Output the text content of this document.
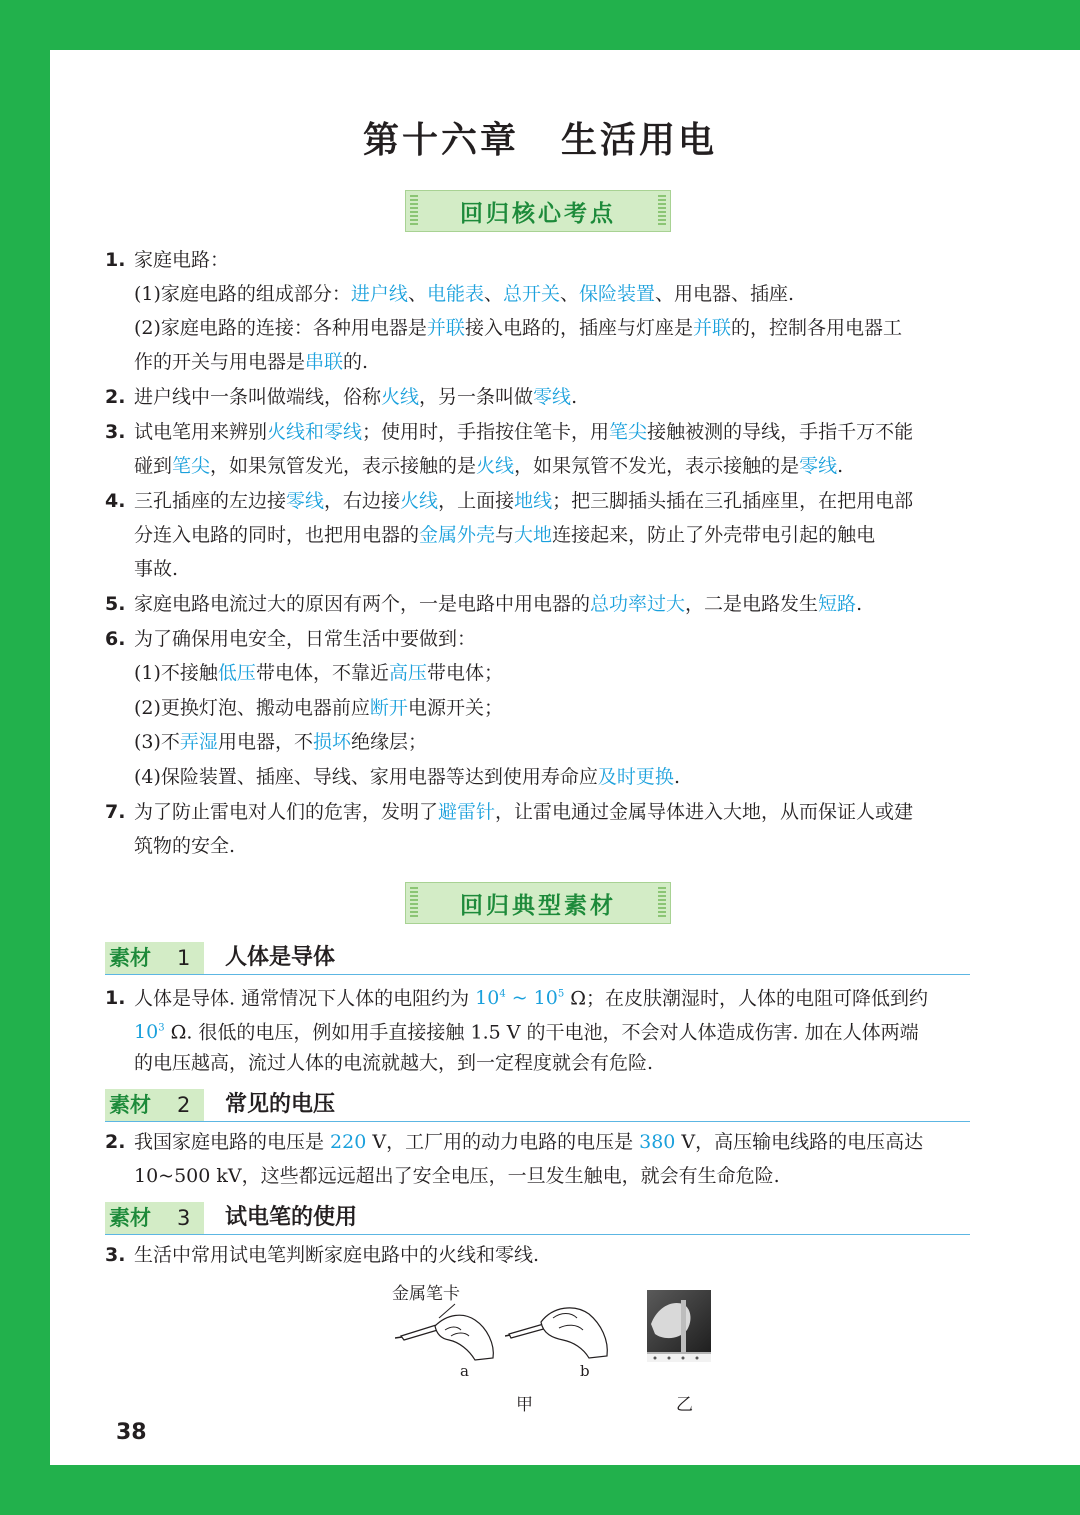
第十六章 生活用电
回归核心考点
1. 家庭电路：
(1)家庭电路的组成部分：进户线、电能表、总开关、保险装置、用电器、插座.
(2)家庭电路的连接：各种用电器是并联接入电路的，插座与灯座是并联的，控制各用电器工
作的开关与用电器是串联的.
2. 进户线中一条叫做端线，俗称火线，另一条叫做零线.
3. 试电笔用来辨别火线和零线；使用时，手指按住笔卡，用笔尖接触被测的导线，手指千万不能
碰到笔尖，如果氖管发光，表示接触的是火线，如果氖管不发光，表示接触的是零线.
4. 三孔插座的左边接零线，右边接火线，上面接地线；把三脚插头插在三孔插座里，在把用电部
分连入电路的同时，也把用电器的金属外壳与大地连接起来，防止了外壳带电引起的触电
事故.
5. 家庭电路电流过大的原因有两个，一是电路中用电器的总功率过大，二是电路发生短路.
6. 为了确保用电安全，日常生活中要做到：
(1)不接触低压带电体，不靠近高压带电体；
(2)更换灯泡、搬动电器前应断开电源开关；
(3)不弄湿用电器，不损坏绝缘层；
(4)保险装置、插座、导线、家用电器等达到使用寿命应及时更换.
7. 为了防止雷电对人们的危害，发明了避雷针，让雷电通过金属导体进入大地，从而保证人或建
筑物的安全.
回归典型素材
素材 1 人体是导体
1. 人体是导体. 通常情况下人体的电阻约为 $10^4$ ~ $10^5$ Ω；在皮肤潮湿时，人体的电阻可降低到约
$10^3$ Ω. 很低的电压，例如用手直接接触 1.5 V 的干电池，不会对人体造成伤害. 加在人体两端
的电压越高，流过人体的电流就越大，到一定程度就会有危险.
素材 2 常见的电压
2. 我国家庭电路的电压是 220 V，工厂用的动力电路的电压是 380 V，高压输电线路的电压高达
10~500 kV，这些都远远超出了安全电压，一旦发生触电，就会有生命危险.
素材 3 试电笔的使用
3. 生活中常用试电笔判断家庭电路中的火线和零线.
金属笔卡
a	b
甲	乙
38
